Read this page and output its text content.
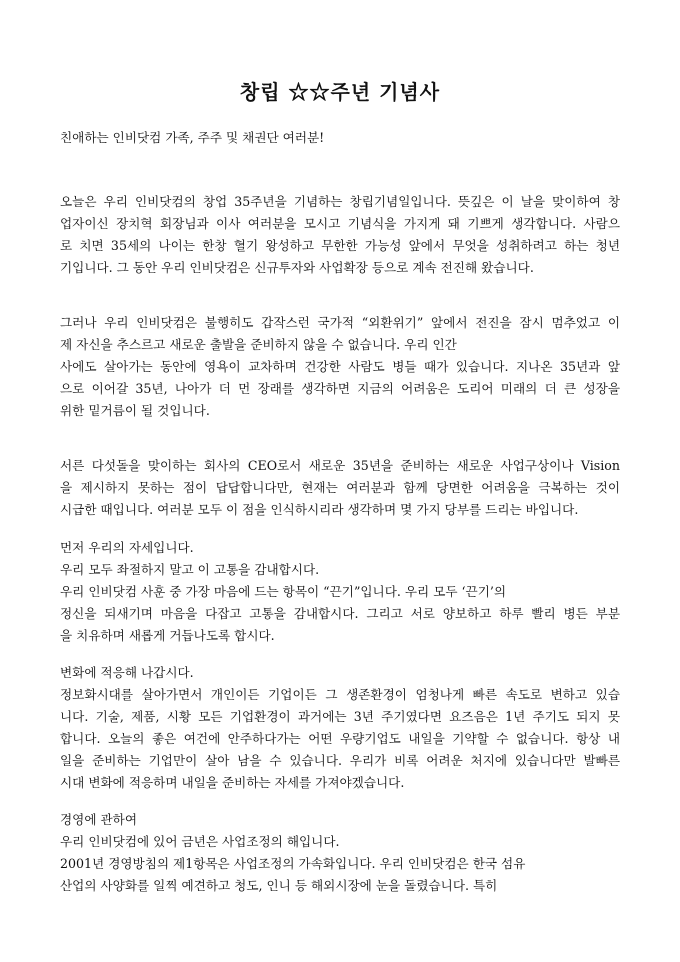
창립 ☆☆주년 기념사
친애하는 인비닷컴 가족, 주주 및 채권단 여러분!
오늘은 우리 인비닷컴의 창업 35주년을 기념하는 창립기념일입니다. 뜻깊은 이 날을 맞이하여 창
업자이신 장치혁 회장님과 이사 여러분을 모시고 기념식을 가지게 돼 기쁘게 생각합니다. 사람으
로 치면 35세의 나이는 한창 혈기 왕성하고 무한한 가능성 앞에서 무엇을 성취하려고 하는 청년
기입니다. 그 동안 우리 인비닷컴은 신규투자와 사업확장 등으로 계속 전진해 왔습니다.
그러나 우리 인비닷컴은 불행히도 갑작스런 국가적 “외환위기” 앞에서 전진을 잠시 멈추었고 이
제 자신을 추스르고 새로운 출발을 준비하지 않을 수 없습니다. 우리 인간
사에도 살아가는 동안에 영욕이 교차하며 건강한 사람도 병들 때가 있습니다. 지나온 35년과 앞
으로 이어갈 35년, 나아가 더 먼 장래를 생각하면 지금의 어려움은 도리어 미래의 더 큰 성장을
위한 밑거름이 될 것입니다.
서른 다섯돌을 맞이하는 회사의 CEO로서 새로운 35년을 준비하는 새로운 사업구상이나 Vision
을 제시하지 못하는 점이 답답합니다만, 현재는 여러분과 함께 당면한 어려움을 극복하는 것이
시급한 때입니다. 여러분 모두 이 점을 인식하시리라 생각하며 몇 가지 당부를 드리는 바입니다.
먼저 우리의 자세입니다.
우리 모두 좌절하지 말고 이 고통을 감내합시다.
우리 인비닷컴 사훈 중 가장 마음에 드는 항목이 “끈기”입니다. 우리 모두 ‘끈기’의
정신을 되새기며 마음을 다잡고 고통을 감내합시다. 그리고 서로 양보하고 하루 빨리 병든 부분
을 치유하며 새롭게 거듭나도록 합시다.
변화에 적응해 나갑시다.
정보화시대를 살아가면서 개인이든 기업이든 그 생존환경이 엄청나게 빠른 속도로 변하고 있습
니다. 기술, 제품, 시황 모든 기업환경이 과거에는 3년 주기였다면 요즈음은 1년 주기도 되지 못
합니다. 오늘의 좋은 여건에 안주하다가는 어떤 우량기업도 내일을 기약할 수 없습니다. 항상 내
일을 준비하는 기업만이 살아 남을 수 있습니다. 우리가 비록 어려운 처지에 있습니다만 발빠른
시대 변화에 적응하며 내일을 준비하는 자세를 가져야겠습니다.
경영에 관하여
우리 인비닷컴에 있어 금년은 사업조정의 해입니다.
2001년 경영방침의 제1항목은 사업조정의 가속화입니다. 우리 인비닷컴은 한국 섬유
산업의 사양화를 일찍 예견하고 청도, 인니 등 해외시장에 눈을 돌렸습니다. 특히
